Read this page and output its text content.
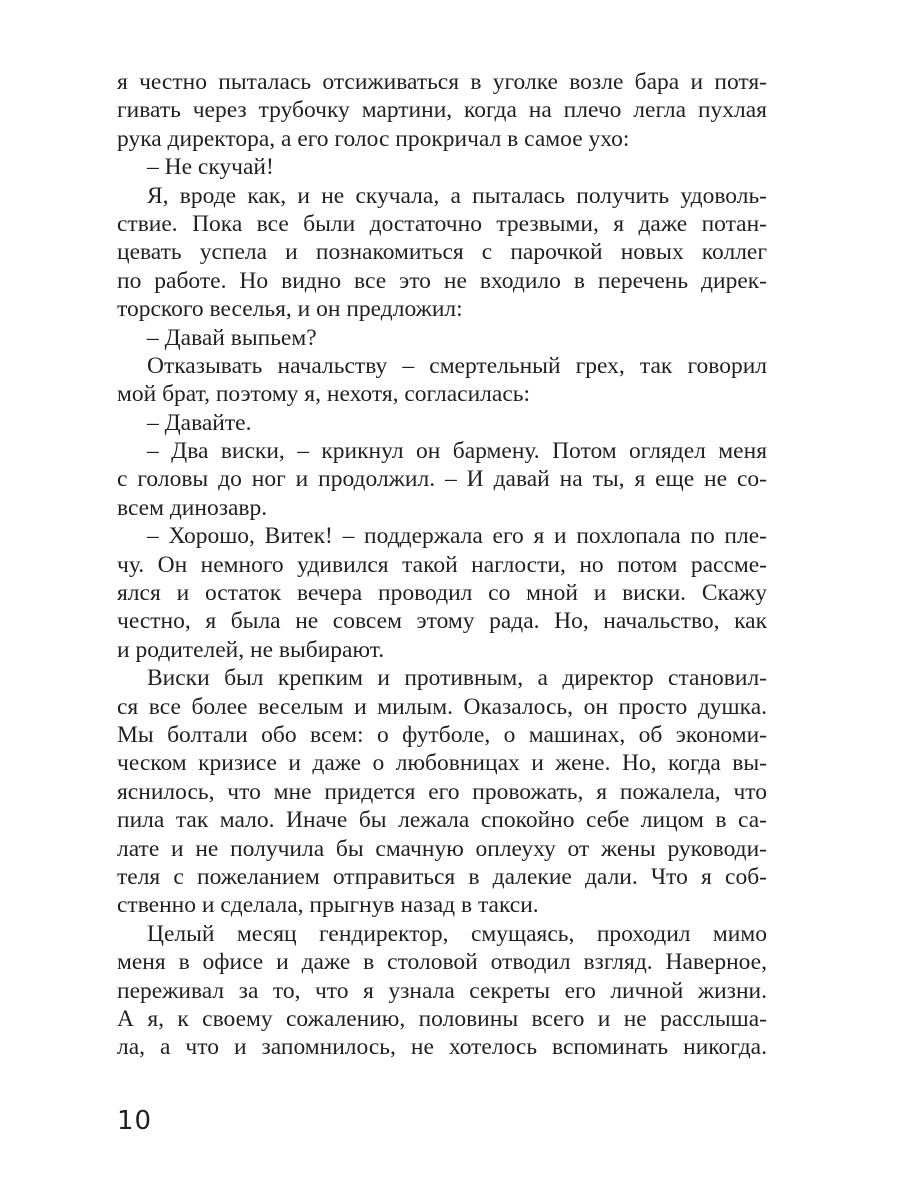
я честно пыталась отсиживаться в уголке возле бара и потя-
гивать через трубочку мартини, когда на плечо легла пухлая
рука директора, а его голос прокричал в самое ухо:
– Не скучай!
Я, вроде как, и не скучала, а пыталась получить удоволь-
ствие. Пока все были достаточно трезвыми, я даже потан-
цевать успела и познакомиться с парочкой новых коллег
по работе. Но видно все это не входило в перечень дирек-
торского веселья, и он предложил:
– Давай выпьем?
Отказывать начальству – смертельный грех, так говорил
мой брат, поэтому я, нехотя, согласилась:
– Давайте.
– Два виски, – крикнул он бармену. Потом оглядел меня
с головы до ног и продолжил. – И давай на ты, я еще не со-
всем динозавр.
– Хорошо, Витек! – поддержала его я и похлопала по пле-
чу. Он немного удивился такой наглости, но потом рассме-
ялся и остаток вечера проводил со мной и виски. Скажу
честно, я была не совсем этому рада. Но, начальство, как
и родителей, не выбирают.
Виски был крепким и противным, а директор становил-
ся все более веселым и милым. Оказалось, он просто душка.
Мы болтали обо всем: о футболе, о машинах, об экономи-
ческом кризисе и даже о любовницах и жене. Но, когда вы-
яснилось, что мне придется его провожать, я пожалела, что
пила так мало. Иначе бы лежала спокойно себе лицом в са-
лате и не получила бы смачную оплеуху от жены руководи-
теля с пожеланием отправиться в далекие дали. Что я соб-
ственно и сделала, прыгнув назад в такси.
Целый месяц гендиректор, смущаясь, проходил мимо
меня в офисе и даже в столовой отводил взгляд. Наверное,
переживал за то, что я узнала секреты его личной жизни.
А я, к своему сожалению, половины всего и не расслыша-
ла, а что и запомнилось, не хотелось вспоминать никогда.
10
